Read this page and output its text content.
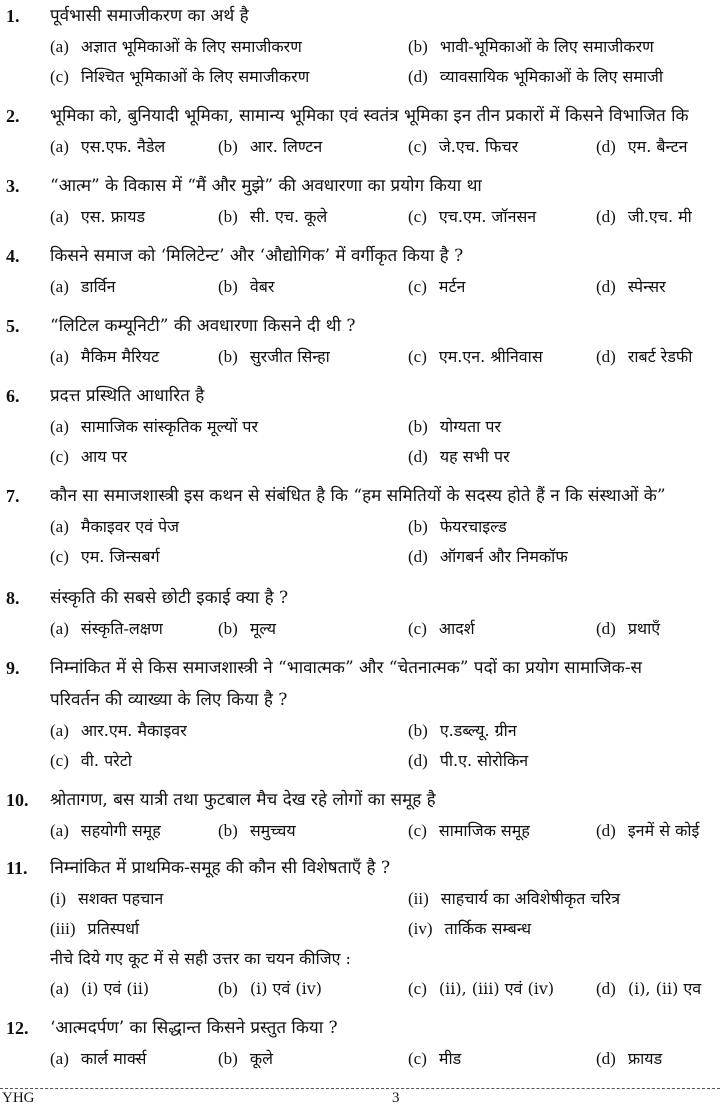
1. पूर्वभासी समाजीकरण का अर्थ है
(a) अज्ञात भूमिकाओं के लिए समाजीकरण	(b) भावी-भूमिकाओं के लिए समाजीकरण
(c) निश्चित भूमिकाओं के लिए समाजीकरण	(d) व्यावसायिक भूमिकाओं के लिए समाजी
2. भूमिका को, बुनियादी भूमिका, सामान्य भूमिका एवं स्वतंत्र भूमिका इन तीन प्रकारों में किसने विभाजित कि
(a) एस.एफ. नैडेल	(b) आर. लिण्टन	(c) जे.एच. फिचर	(d) एम. बैन्टन
3. “आत्म” के विकास में “मैं और मुझे” की अवधारणा का प्रयोग किया था
(a) एस. फ्रायड	(b) सी. एच. कूले	(c) एच.एम. जॉनसन	(d) जी.एच. मी
4. किसने समाज को ‘मिलिटेन्ट’ और ‘औद्योगिक’ में वर्गीकृत किया है ?
(a) डार्विन	(b) वेबर	(c) मर्टन	(d) स्पेन्सर
5. “लिटिल कम्यूनिटी” की अवधारणा किसने दी थी ?
(a) मैकिम मैरियट	(b) सुरजीत सिन्हा	(c) एम.एन. श्रीनिवास	(d) राबर्ट रेडफी
6. प्रदत्त प्रस्थिति आधारित है
(a) सामाजिक सांस्कृतिक मूल्यों पर	(b) योग्यता पर
(c) आय पर	(d) यह सभी पर
7. कौन सा समाजशास्त्री इस कथन से संबंधित है कि “हम समितियों के सदस्य होते हैं न कि संस्थाओं के”
(a) मैकाइवर एवं पेज	(b) फेयरचाइल्ड
(c) एम. जिन्सबर्ग	(d) ऑगबर्न और निमकॉफ
8. संस्कृति की सबसे छोटी इकाई क्या है ?
(a) संस्कृति-लक्षण	(b) मूल्य	(c) आदर्श	(d) प्रथाएँ
9. निम्नांकित में से किस समाजशास्त्री ने “भावात्मक” और “चेतनात्मक” पदों का प्रयोग सामाजिक-स
परिवर्तन की व्याख्या के लिए किया है ?
(a) आर.एम. मैकाइवर	(b) ए.डब्ल्यू. ग्रीन
(c) वी. परेटो	(d) पी.ए. सोरोकिन
10. श्रोतागण, बस यात्री तथा फुटबाल मैच देख रहे लोगों का समूह है
(a) सहयोगी समूह	(b) समुच्चय	(c) सामाजिक समूह	(d) इनमें से कोई
11. निम्नांकित में प्राथमिक-समूह की कौन सी विशेषताएँ है ?
(i) सशक्त पहचान	(ii) साहचार्य का अविशेषीकृत चरित्र
(iii) प्रतिस्पर्धा	(iv) तार्किक सम्बन्ध
नीचे दिये गए कूट में से सही उत्तर का चयन कीजिए :
(a) (i) एवं (ii)	(b) (i) एवं (iv)	(c) (ii), (iii) एवं (iv) (d) (i), (ii) एव
12. ‘आत्मदर्पण’ का सिद्धान्त किसने प्रस्तुत किया ?
(a) कार्ल मार्क्स	(b) कूले	(c) मीड	(d) फ्रायड
YHG	3
